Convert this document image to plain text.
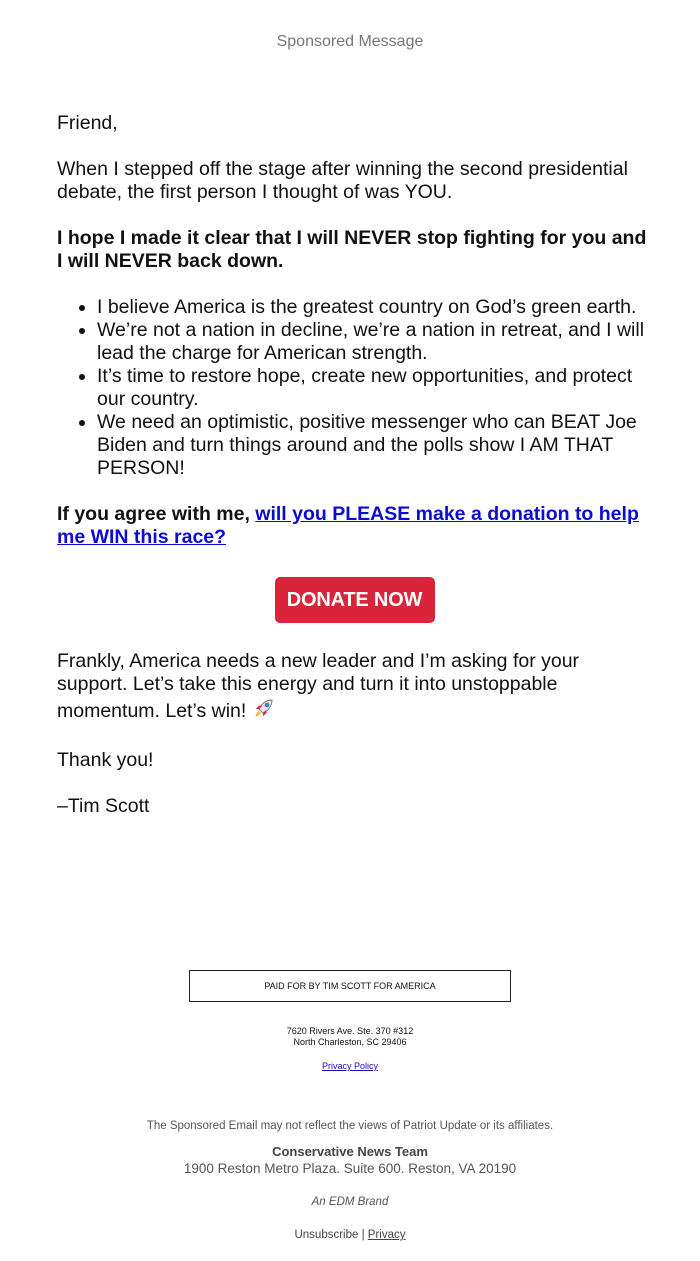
Sponsored Message

Friend,

When I stepped off the stage after winning the second presidential debate, the first person I thought of was YOU.

I hope I made it clear that I will NEVER stop fighting for you and I will NEVER back down.

• I believe America is the greatest country on God’s green earth.
• We’re not a nation in decline, we’re a nation in retreat, and I will lead the charge for American strength.
• It’s time to restore hope, create new opportunities, and protect our country.
• We need an optimistic, positive messenger who can BEAT Joe Biden and turn things around and the polls show I AM THAT PERSON!

If you agree with me, will you PLEASE make a donation to help me WIN this race?

DONATE NOW

Frankly, America needs a new leader and I’m asking for your support. Let’s take this energy and turn it into unstoppable momentum. Let’s win!

Thank you!

–Tim Scott

PAID FOR BY TIM SCOTT FOR AMERICA
7620 Rivers Ave. Ste. 370 #312
North Charleston, SC 29406
Privacy Policy
The Sponsored Email may not reflect the views of Patriot Update or its affiliates.
Conservative News Team
1900 Reston Metro Plaza. Suite 600. Reston, VA 20190
An EDM Brand
Unsubscribe | Privacy
